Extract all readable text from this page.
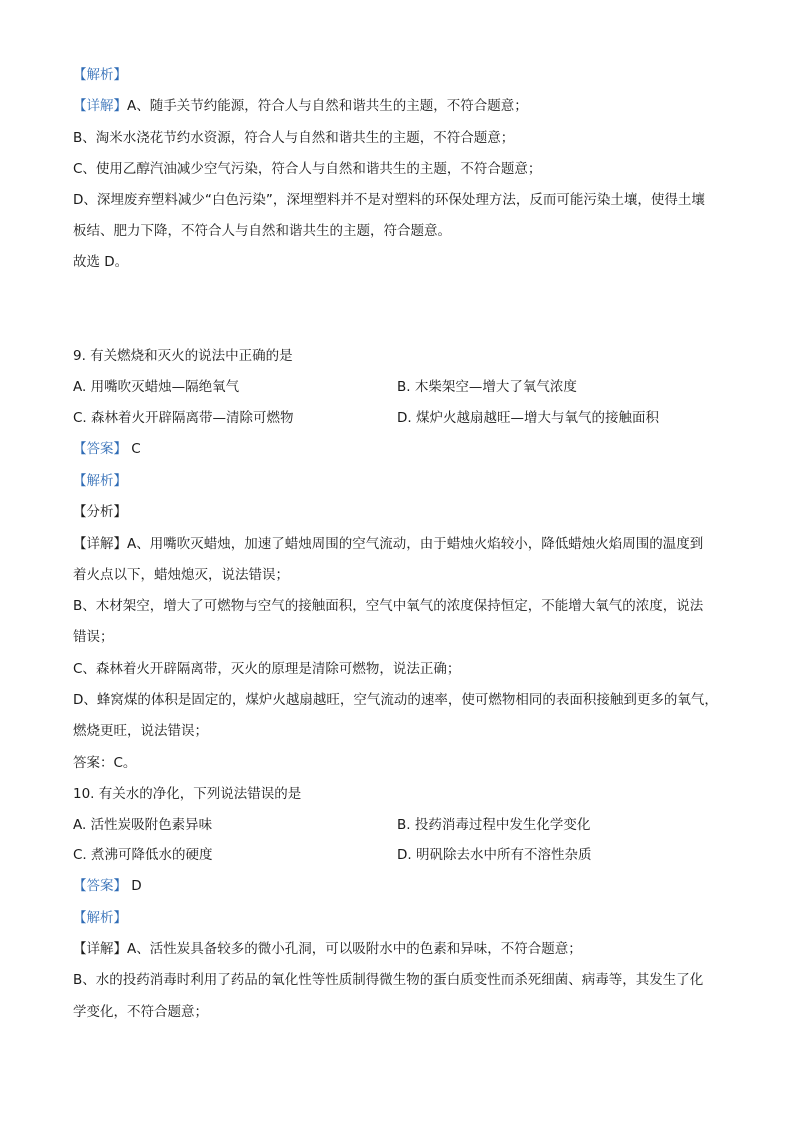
【解析】
【详解】A、随手关节约能源，符合人与自然和谐共生的主题，不符合题意；
B、淘米水浇花节约水资源，符合人与自然和谐共生的主题，不符合题意；
C、使用乙醇汽油减少空气污染，符合人与自然和谐共生的主题，不符合题意；
D、深埋废弃塑料减少“白色污染”，深埋塑料并不是对塑料的环保处理方法，反而可能污染土壤，使得土壤
板结、肥力下降，不符合人与自然和谐共生的主题，符合题意。
故选 D。
9. 有关燃烧和灭火的说法中正确的是
A. 用嘴吹灭蜡烛—隔绝氧气	B. 木柴架空—增大了氧气浓度
C. 森林着火开辟隔离带—清除可燃物	D. 煤炉火越扇越旺—增大与氧气的接触面积
【答案】 C
【解析】
【分析】
【详解】A、用嘴吹灭蜡烛，加速了蜡烛周围的空气流动，由于蜡烛火焰较小，降低蜡烛火焰周围的温度到
着火点以下，蜡烛熄灭，说法错误；
B、木材架空，增大了可燃物与空气的接触面积，空气中氧气的浓度保持恒定，不能增大氧气的浓度，说法
错误；
C、森林着火开辟隔离带，灭火的原理是清除可燃物，说法正确；
D、蜂窝煤的体积是固定的，煤炉火越扇越旺，空气流动的速率，使可燃物相同的表面积接触到更多的氧气，
燃烧更旺，说法错误；
答案：C。
10. 有关水的净化，下列说法错误的是
A. 活性炭吸附色素异味	B. 投药消毒过程中发生化学变化
C. 煮沸可降低水的硬度	D. 明矾除去水中所有不溶性杂质
【答案】 D
【解析】
【详解】A、活性炭具备较多的微小孔洞，可以吸附水中的色素和异味，不符合题意；
B、水的投药消毒时利用了药品的氧化性等性质制得微生物的蛋白质变性而杀死细菌、病毒等，其发生了化
学变化，不符合题意；
